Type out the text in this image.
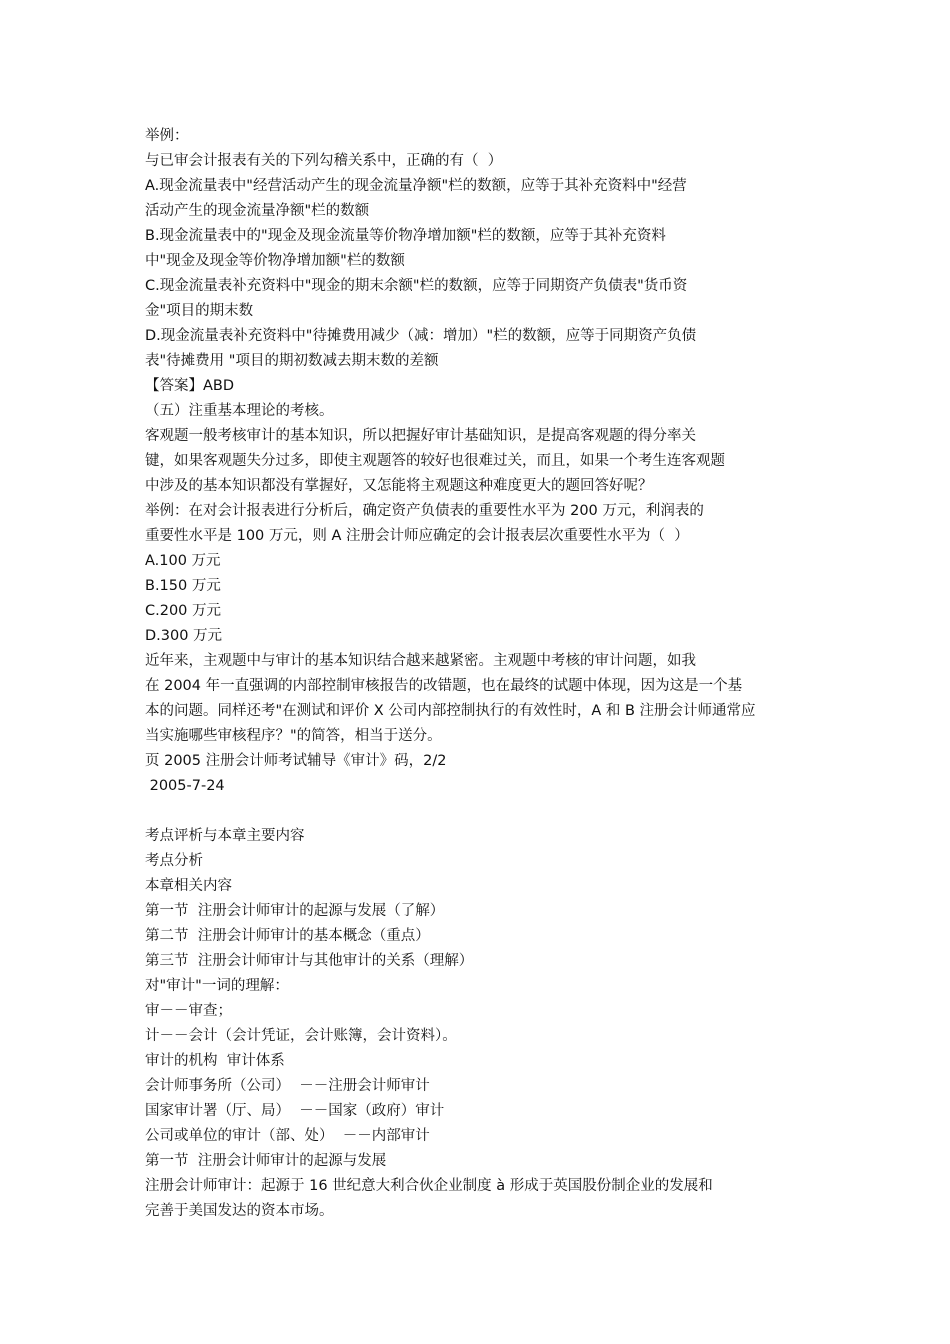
举例：
与已审会计报表有关的下列勾稽关系中，正确的有（  ）
A.现金流量表中"经营活动产生的现金流量净额"栏的数额，应等于其补充资料中"经营
活动产生的现金流量净额"栏的数额
B.现金流量表中的"现金及现金流量等价物净增加额"栏的数额，应等于其补充资料
中"现金及现金等价物净增加额"栏的数额
C.现金流量表补充资料中"现金的期末余额"栏的数额，应等于同期资产负债表"货币资
金"项目的期末数
D.现金流量表补充资料中"待摊费用减少（减：增加）"栏的数额，应等于同期资产负债
表"待摊费用 "项目的期初数减去期末数的差额
【答案】ABD
（五）注重基本理论的考核。
客观题一般考核审计的基本知识，所以把握好审计基础知识，是提高客观题的得分率关
键，如果客观题失分过多，即使主观题答的较好也很难过关，而且，如果一个考生连客观题
中涉及的基本知识都没有掌握好，又怎能将主观题这种难度更大的题回答好呢？
举例：在对会计报表进行分析后，确定资产负债表的重要性水平为 200 万元，利润表的
重要性水平是 100 万元，则 A 注册会计师应确定的会计报表层次重要性水平为（  ）
A.100 万元
B.150 万元
C.200 万元
D.300 万元
近年来，主观题中与审计的基本知识结合越来越紧密。主观题中考核的审计问题，如我
在 2004 年一直强调的内部控制审核报告的改错题，也在最终的试题中体现，因为这是一个基
本的问题。同样还考"在测试和评价 X 公司内部控制执行的有效性时，A 和 B 注册会计师通常应
当实施哪些审核程序？"的简答，相当于送分。
页 2005 注册会计师考试辅导《审计》码，2/2
2005-7-24
考点评析与本章主要内容
考点分析
本章相关内容
第一节  注册会计师审计的起源与发展（了解）
第二节  注册会计师审计的基本概念（重点）
第三节  注册会计师审计与其他审计的关系（理解）
对"审计"一词的理解：
审－－审查；
计－－会计（会计凭证，会计账簿，会计资料）。
审计的机构  审计体系
会计师事务所（公司）  －－注册会计师审计
国家审计署（厅、局）  －－国家（政府）审计
公司或单位的审计（部、处）  －－内部审计
第一节  注册会计师审计的起源与发展
注册会计师审计：起源于 16 世纪意大利合伙企业制度 à 形成于英国股份制企业的发展和
完善于美国发达的资本市场。
